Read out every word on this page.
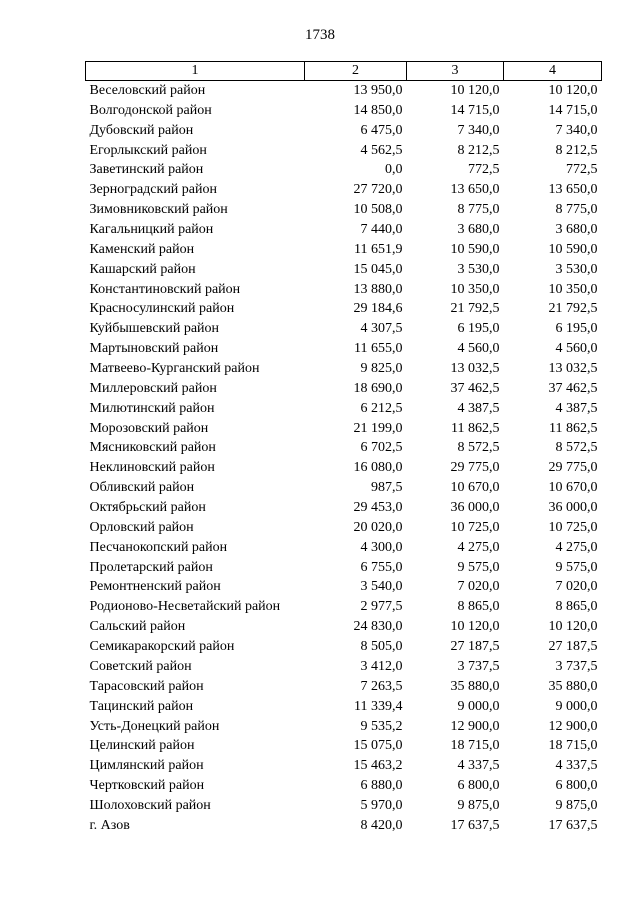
1738
1	2	3	4
Веселовский район	13 950,0	10 120,0	10 120,0
Волгодонской район	14 850,0	14 715,0	14 715,0
Дубовский район	6 475,0	7 340,0	7 340,0
Егорлыкский район	4 562,5	8 212,5	8 212,5
Заветинский район	0,0	772,5	772,5
Зерноградский район	27 720,0	13 650,0	13 650,0
Зимовниковский район	10 508,0	8 775,0	8 775,0
Кагальницкий район	7 440,0	3 680,0	3 680,0
Каменский район	11 651,9	10 590,0	10 590,0
Кашарский район	15 045,0	3 530,0	3 530,0
Константиновский район	13 880,0	10 350,0	10 350,0
Красносулинский район	29 184,6	21 792,5	21 792,5
Куйбышевский район	4 307,5	6 195,0	6 195,0
Мартыновский район	11 655,0	4 560,0	4 560,0
Матвеево-Курганский район	9 825,0	13 032,5	13 032,5
Миллеровский район	18 690,0	37 462,5	37 462,5
Милютинский район	6 212,5	4 387,5	4 387,5
Морозовский район	21 199,0	11 862,5	11 862,5
Мясниковский район	6 702,5	8 572,5	8 572,5
Неклиновский район	16 080,0	29 775,0	29 775,0
Обливский район	987,5	10 670,0	10 670,0
Октябрьский район	29 453,0	36 000,0	36 000,0
Орловский район	20 020,0	10 725,0	10 725,0
Песчанокопский район	4 300,0	4 275,0	4 275,0
Пролетарский район	6 755,0	9 575,0	9 575,0
Ремонтненский район	3 540,0	7 020,0	7 020,0
Родионово-Несветайский район	2 977,5	8 865,0	8 865,0
Сальский район	24 830,0	10 120,0	10 120,0
Семикаракорский район	8 505,0	27 187,5	27 187,5
Советский район	3 412,0	3 737,5	3 737,5
Тарасовский район	7 263,5	35 880,0	35 880,0
Тацинский район	11 339,4	9 000,0	9 000,0
Усть-Донецкий район	9 535,2	12 900,0	12 900,0
Целинский район	15 075,0	18 715,0	18 715,0
Цимлянский район	15 463,2	4 337,5	4 337,5
Чертковский район	6 880,0	6 800,0	6 800,0
Шолоховский район	5 970,0	9 875,0	9 875,0
г. Азов	8 420,0	17 637,5	17 637,5
